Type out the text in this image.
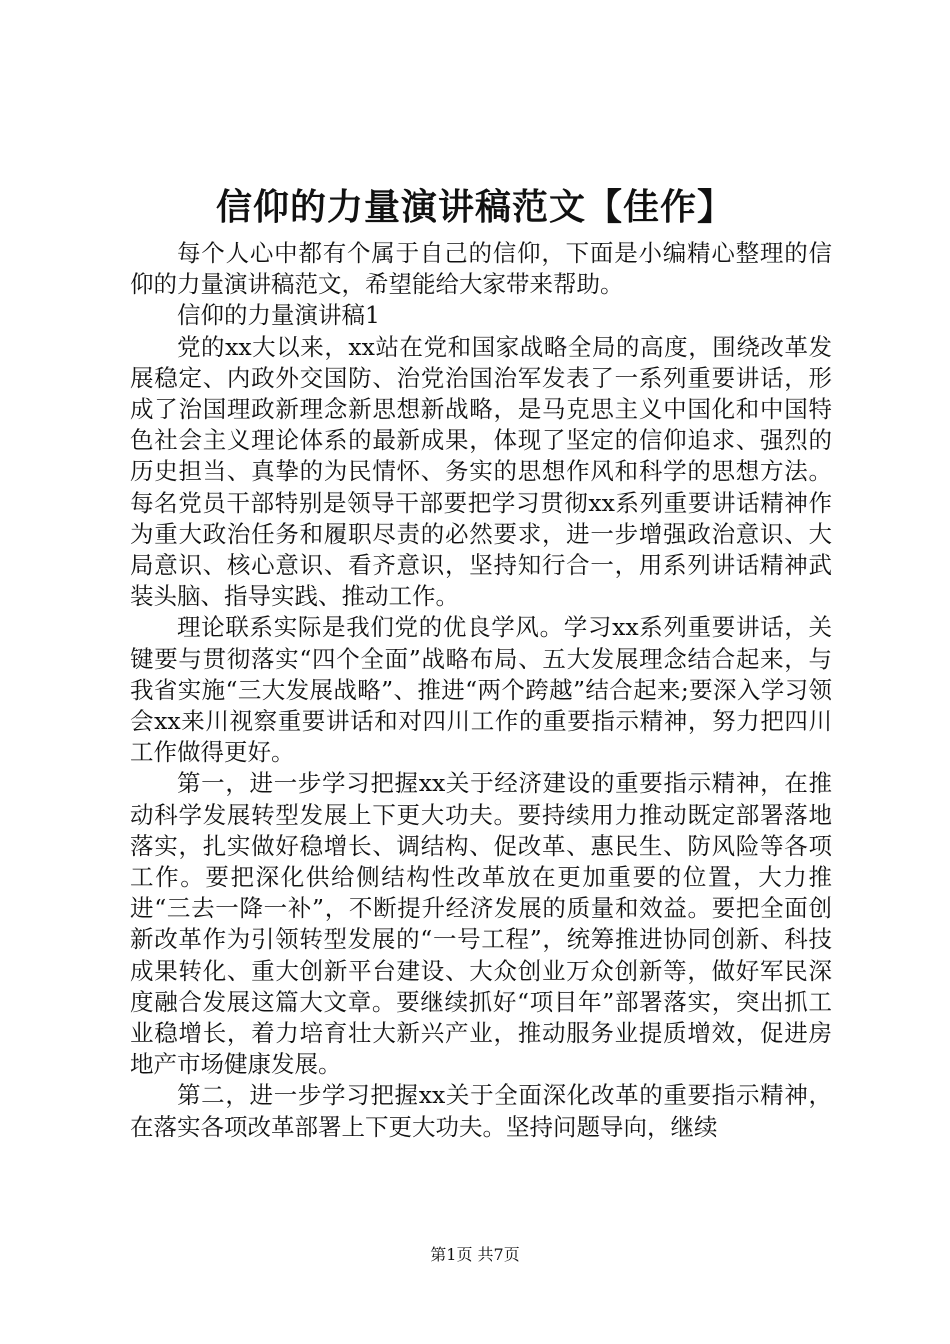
信仰的力量演讲稿范文【佳作】

每个人心中都有个属于自己的信仰，下面是小编精心整理的信仰的力量演讲稿范文，希望能给大家带来帮助。

信仰的力量演讲稿1

党的xx大以来，xx站在党和国家战略全局的高度，围绕改革发展稳定、内政外交国防、治党治国治军发表了一系列重要讲话，形成了治国理政新理念新思想新战略，是马克思主义中国化和中国特色社会主义理论体系的最新成果，体现了坚定的信仰追求、强烈的历史担当、真挚的为民情怀、务实的思想作风和科学的思想方法。每名党员干部特别是领导干部要把学习贯彻xx系列重要讲话精神作为重大政治任务和履职尽责的必然要求，进一步增强政治意识、大局意识、核心意识、看齐意识，坚持知行合一，用系列讲话精神武装头脑、指导实践、推动工作。

理论联系实际是我们党的优良学风。学习xx系列重要讲话，关键要与贯彻落实“四个全面”战略布局、五大发展理念结合起来，与我省实施“三大发展战略”、推进“两个跨越”结合起来;要深入学习领会xx来川视察重要讲话和对四川工作的重要指示精神，努力把四川工作做得更好。

第一，进一步学习把握xx关于经济建设的重要指示精神，在推动科学发展转型发展上下更大功夫。要持续用力推动既定部署落地落实，扎实做好稳增长、调结构、促改革、惠民生、防风险等各项工作。要把深化供给侧结构性改革放在更加重要的位置，大力推进“三去一降一补”，不断提升经济发展的质量和效益。要把全面创新改革作为引领转型发展的“一号工程”，统筹推进协同创新、科技成果转化、重大创新平台建设、大众创业万众创新等，做好军民深度融合发展这篇大文章。要继续抓好“项目年”部署落实，突出抓工业稳增长，着力培育壮大新兴产业，推动服务业提质增效，促进房地产市场健康发展。

第二，进一步学习把握xx关于全面深化改革的重要指示精神，在落实各项改革部署上下更大功夫。坚持问题导向，继续

第1页 共7页
